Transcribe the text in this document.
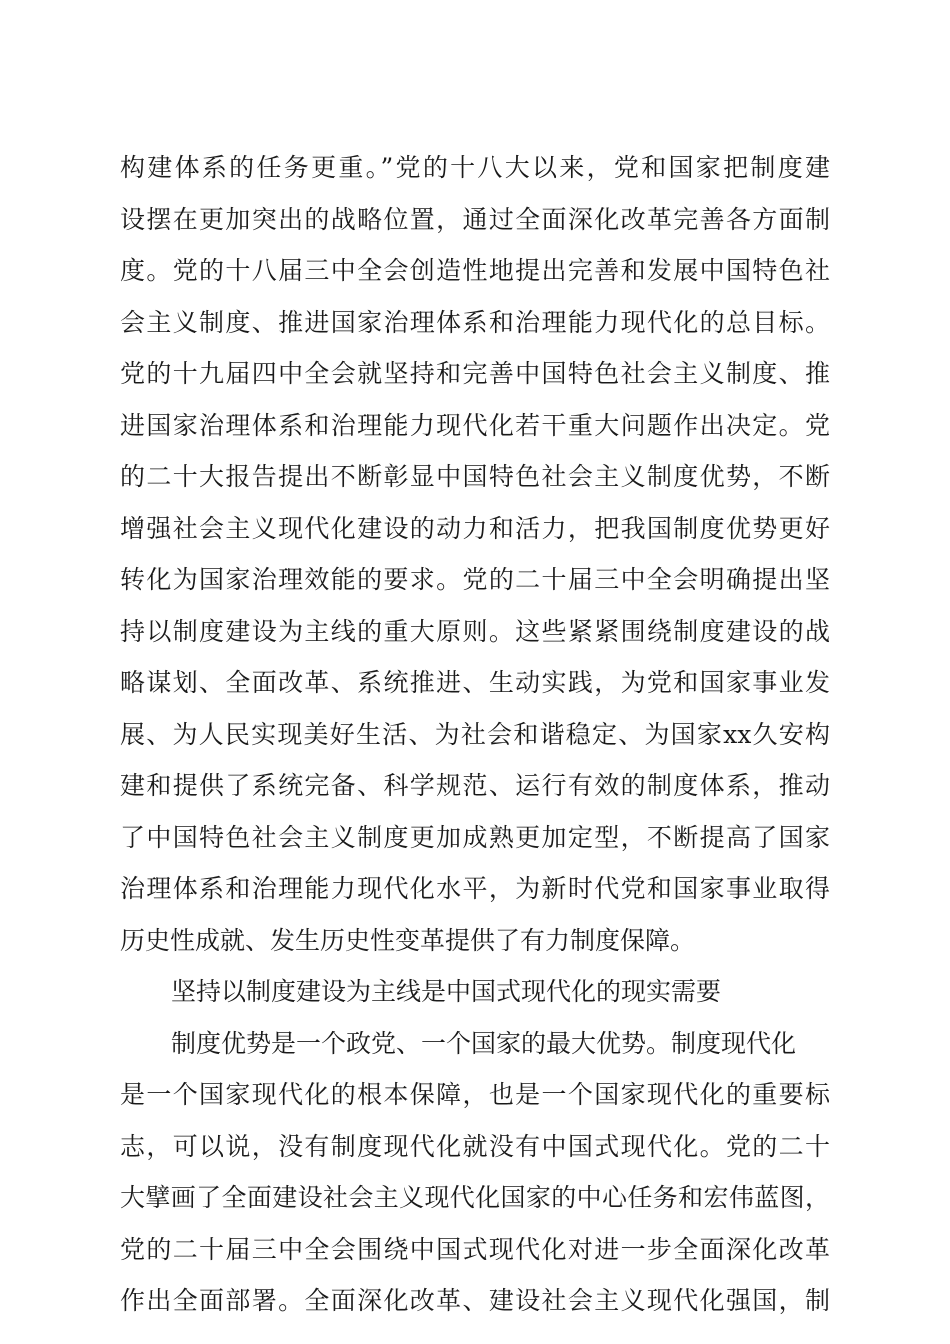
构建体系的任务更重。”党的十八大以来，党和国家把制度建
设摆在更加突出的战略位置，通过全面深化改革完善各方面制
度。党的十八届三中全会创造性地提出完善和发展中国特色社
会主义制度、推进国家治理体系和治理能力现代化的总目标。
党的十九届四中全会就坚持和完善中国特色社会主义制度、推
进国家治理体系和治理能力现代化若干重大问题作出决定。党
的二十大报告提出不断彰显中国特色社会主义制度优势，不断
增强社会主义现代化建设的动力和活力，把我国制度优势更好
转化为国家治理效能的要求。党的二十届三中全会明确提出坚
持以制度建设为主线的重大原则。这些紧紧围绕制度建设的战
略谋划、全面改革、系统推进、生动实践，为党和国家事业发
展、为人民实现美好生活、为社会和谐稳定、为国家xx久安构
建和提供了系统完备、科学规范、运行有效的制度体系，推动
了中国特色社会主义制度更加成熟更加定型，不断提高了国家
治理体系和治理能力现代化水平，为新时代党和国家事业取得
历史性成就、发生历史性变革提供了有力制度保障。
坚持以制度建设为主线是中国式现代化的现实需要
制度优势是一个政党、一个国家的最大优势。制度现代化
是一个国家现代化的根本保障，也是一个国家现代化的重要标
志，可以说，没有制度现代化就没有中国式现代化。党的二十
大擘画了全面建设社会主义现代化国家的中心任务和宏伟蓝图，
党的二十届三中全会围绕中国式现代化对进一步全面深化改革
作出全面部署。全面深化改革、建设社会主义现代化强国，制
